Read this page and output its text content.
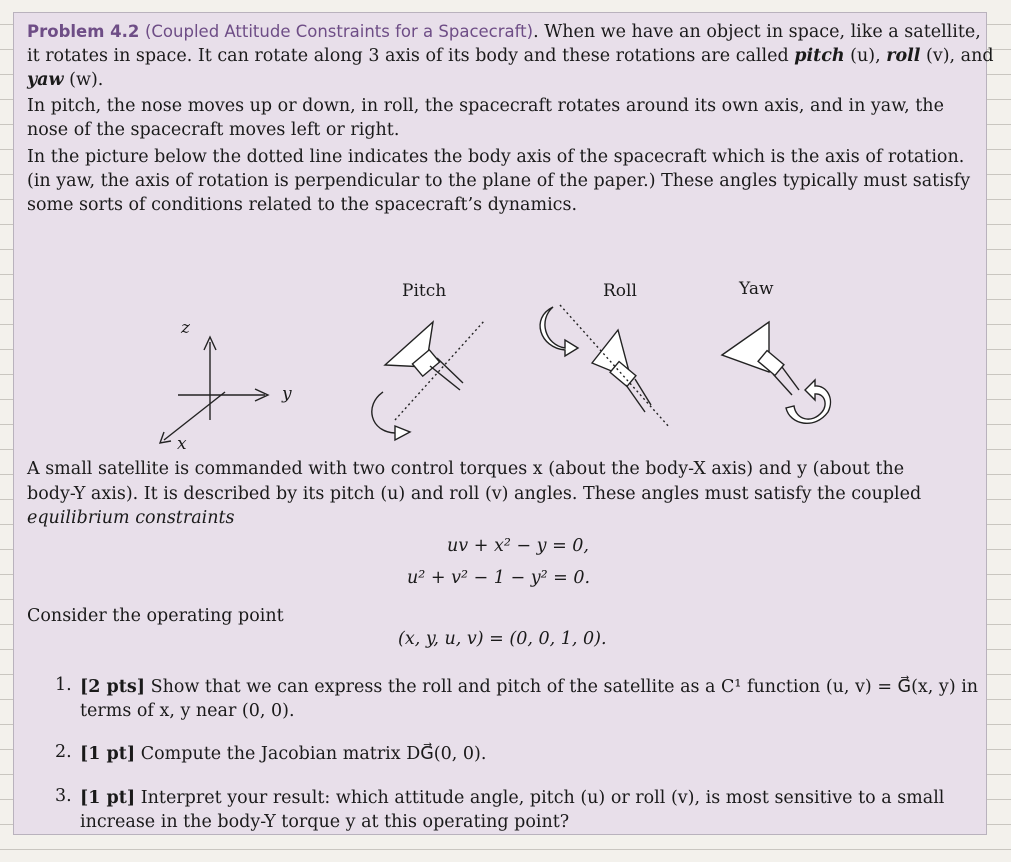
Problem 4.2 (Coupled Attitude Constraints for a Spacecraft). When we have an object in space, like a satellite,
it rotates in space. It can rotate along 3 axis of its body and these rotations are called pitch (u), roll (v), and
yaw (w).
In pitch, the nose moves up or down, in roll, the spacecraft rotates around its own axis, and in yaw, the
nose of the spacecraft moves left or right.
In the picture below the dotted line indicates the body axis of the spacecraft which is the axis of rotation.
(in yaw, the axis of rotation is perpendicular to the plane of the paper.) These angles typically must satisfy
some sorts of conditions related to the spacecraft’s dynamics.
Pitch	Roll	Yaw
z
y
x
A small satellite is commanded with two control torques x (about the body-X axis) and y (about the
body-Y axis). It is described by its pitch (u) and roll (v) angles. These angles must satisfy the coupled
equilibrium constraints
uv + x² − y = 0,
u² + v² − 1 − y² = 0.
Consider the operating point
(x, y, u, v) = (0, 0, 1, 0).
1. [2 pts] Show that we can express the roll and pitch of the satellite as a C¹ function (u, v) = G⃗(x, y) in
terms of x, y near (0, 0).
2. [1 pt] Compute the Jacobian matrix DG⃗(0, 0).
3. [1 pt] Interpret your result: which attitude angle, pitch (u) or roll (v), is most sensitive to a small
increase in the body-Y torque y at this operating point?
